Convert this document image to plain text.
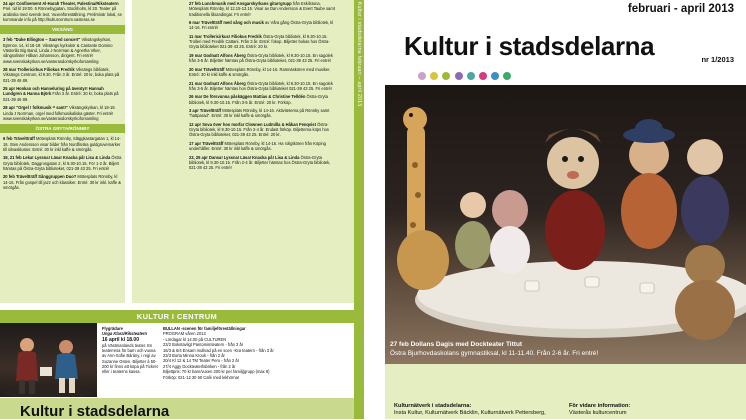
24 apr Confinement Al-Harah Theater, Palestina/Riksteatern Prel. tid kl 19:00. 5 Rönnebygatan, Stockholm, kl 20. Teater på arabiska med svensk text. Vuxenföreställning. Preliminär lokal, se kommande info på http://kulturcentrum.vasteras.se

VIKSÄNG

3 feb "Duke Ellington – Sacred concert" Viksängskyrkan, Björnöv. 14, kl 18-19. Viksängs kyrkokör & Cantante Domino Västerås Big Band, Linda J Norrman & Agnetha Viker, sångsolister Håkan Johansson, dirigent. Fri entré! www.svenskakyrkan.se/vasterasdomkyrkoforsamling

28 mar Trollericirkus Filiokus Fredrik Viksängs bibliotek, Viksängs Centrum, kl 9.30. Från 3 år. Entré: 20 kr, boka plats på 021-39 46 89.

25 apr Honkan och Hanneluring på äventyr! Hannah Lundgren & Hanna Björk Från 3 år. Entré: 20 kr, boka plats på 021-39 46 89.

28 apr "Orgel ! folkmusik = sant!" Viksängskyrkan, kl 18-19. Linda J Norrman, orgel med folkmusikaliska gäster. Fri entré! www.svenskakyrkan.se/vasterasdomkyrkoforsamling

ÖSTRA GRYTA/RÖNNBY

6 feb Träveltträff Mötesplats Rönnby, Släggkastargatan 1, kl 14-16. Sten Andersson visar bilder från Nordfinska guldgruvemarker till silvaskluster. Entré: 30 kr inkl kaffe & smörgås.

19, 21 feb Leka! Lyssna! Läsa! Knacka på! Lisa & Linda Östra Gryta bibliotek, Daggrosgatan 2, kl 9.30-10.15. För 1-2 år. Biljett hämtas på Östra-Gryta biblioteket, 021-39 43 25. Fri entré!

20 feb Träveltträff Sånggruppen Duo? Mötesplats Rönnby, kl 14-16. Från gospel till jazz och klassiker. Entré: 30 kr inkl. kaffe & smörgås.

27 feb Lunchmusik med Ansgarskyrkans gitarrgrupp från Eskilstuna. Mötesplats Rönnby, kl 12.15-13.15. Visar av Dan Andersson & Evert Taube samt traditionella låsandingar. Fri entré!

6 mar Träveltträff med sång och musik av Våra gång Östra-Gryta bibliotek, kl 14-16. Fri entré!

11 mar Trollericirkus! Filiokus Fredrik Östra-Gryta bibliotek, kl 9.30-10.15. Trolleri med Fredrik Cattani. Från 3 år. Entré: fokop. Biljetter bokas hos Östra-Gryta biblioteket 021-39 43 25. Entré: 20 kr.

19 mar Godnatt Alfons Åberg Östra-Gryta bibliotek, kl 9.30-10.15. En sagolek från 3-5 år. Biljetter hämtas på Östra-Gryta biblioteket, 021-39 43 25. Fri entré!

20 mar Träveltträff Mötesplats Rönnby, kl 14-16. Ramnäskören med musiker. Entré: 30 kr inkl kaffe & smörgås.

21 mar Godnatt Alfons Åberg Östra-Gryta bibliotek, kl 9.30-10.15. En sagolek från 3-5 år. Biljetter hämtas hos Östra-Gryta biblioteket 021-39 43 25. Fri entré!

26 mar De försvunna påskäggen Mattias & Christine Telldén Östra-Gryta bibliotek, kl 9.30-10.15. Från 3-5 år. Entré: 20 kr. Förköp.

3 apr Träveltträff Mötesplats Rönnby, kl 14-16. Aktiviteterna på Rönnby samt "hattparad". Entré: 30 kr inkl kaffe & smörgås.

12 apr Sova över hos morfar Clownen Ludmilla & Håkan Fenqvist Östra-Gryta bibliotek, kl 9.30-10.15. Från 2-4 år. Endast förköp. Biljetterna köps hos Östra-Gryta biblioteket, 021-39 43 25. Entré: 20 kr.

17 apr Träveltträff Mötesplats Rönnby, kl 14-16. Ha roligtkören från Köping underhåller. Entré: 30 kr inkl kaffe & smörgås.

23, 25 apr Dansa! Lyssna! Läsa! Knacka på! Lisa & Linda Östra-Gryta bibliotek, kl 9.30-10.15. Från 2-4 år. Biljetter hämtas hos Östra-Gryta bibliotek, 021-39 43 25. Fri entré!

KULTUR I CENTRUM
Flygrädare
Unga Klara/Riksteatern
16 april kl 18.00
på Västmanlands teater. En teaterresa för barn och vuxna av Ann-Sofie Bárány, i regi av Suzanne Osten. Biljetter à 50-200 kr finns att köpa på Tickret eller i teaterns kassa.
BULLAN -scenen för familjeföreställningar
PROGRAM våren 2013
- Lördagar kl 14.00 på CULTUREN
23/2 Bokstavligt Pantomimteatern - från 3 år
16/3 & 6/4 Ensam mullvad på en scen -Krø teatern - från 3 år
23/3 Borta Minna Krook - från 2 år
20/4 Kl 12 & 14 TM Teater Pero - från 2 år
27/4 Aggy Dockteaterfabriken - från 2 år
Biljettpris: 70 kr barn/vuxen 200 kr per familj(grupp (max 8)
Förköp: 021-12 30 60 Café med lekhörna!
Kultur i stadsdelarna
Kultur i stadsdelarna februari – april 2013	februari - april 2013
Kultur i stadsdelarna	nr 1/2013
27 feb Dollans Dagis med Dockteater Tittut
Östra Bjurhovdaskolans gymnastiksal, kl 11-11.40. Från 2-6 år. Fri entré!
Kulturnätverk i stadsdelarna:
Insta Kultur, Kulturnätverk Bäcklin, Kulturnätverk Pettersberg,
För vidare information:
Västerås kulturcentrum
